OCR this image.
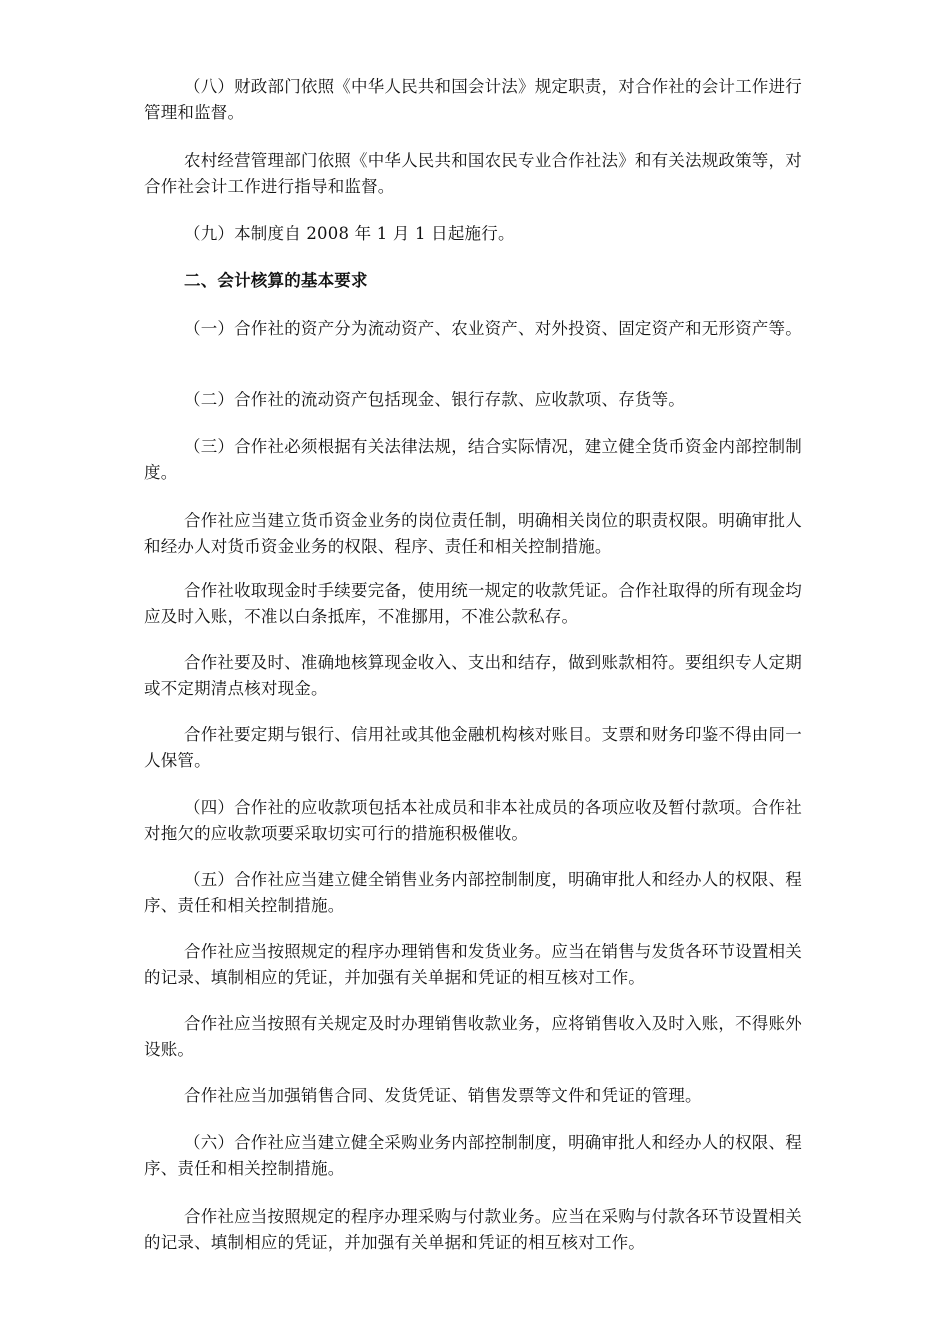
（八）财政部门依照《中华人民共和国会计法》规定职责，对合作社的会计工作进行管理和监督。

农村经营管理部门依照《中华人民共和国农民专业合作社法》和有关法规政策等，对合作社会计工作进行指导和监督。

（九）本制度自 2008 年 1 月 1 日起施行。

二、会计核算的基本要求

（一）合作社的资产分为流动资产、农业资产、对外投资、固定资产和无形资产等。

（二）合作社的流动资产包括现金、银行存款、应收款项、存货等。

（三）合作社必须根据有关法律法规，结合实际情况，建立健全货币资金内部控制制度。

合作社应当建立货币资金业务的岗位责任制，明确相关岗位的职责权限。明确审批人和经办人对货币资金业务的权限、程序、责任和相关控制措施。

合作社收取现金时手续要完备，使用统一规定的收款凭证。合作社取得的所有现金均应及时入账，不准以白条抵库，不准挪用，不准公款私存。

合作社要及时、准确地核算现金收入、支出和结存，做到账款相符。要组织专人定期或不定期清点核对现金。

合作社要定期与银行、信用社或其他金融机构核对账目。支票和财务印鉴不得由同一人保管。

（四）合作社的应收款项包括本社成员和非本社成员的各项应收及暂付款项。合作社对拖欠的应收款项要采取切实可行的措施积极催收。

（五）合作社应当建立健全销售业务内部控制制度，明确审批人和经办人的权限、程序、责任和相关控制措施。

合作社应当按照规定的程序办理销售和发货业务。应当在销售与发货各环节设置相关的记录、填制相应的凭证，并加强有关单据和凭证的相互核对工作。

合作社应当按照有关规定及时办理销售收款业务，应将销售收入及时入账，不得账外设账。

合作社应当加强销售合同、发货凭证、销售发票等文件和凭证的管理。

（六）合作社应当建立健全采购业务内部控制制度，明确审批人和经办人的权限、程序、责任和相关控制措施。

合作社应当按照规定的程序办理采购与付款业务。应当在采购与付款各环节设置相关的记录、填制相应的凭证，并加强有关单据和凭证的相互核对工作。
